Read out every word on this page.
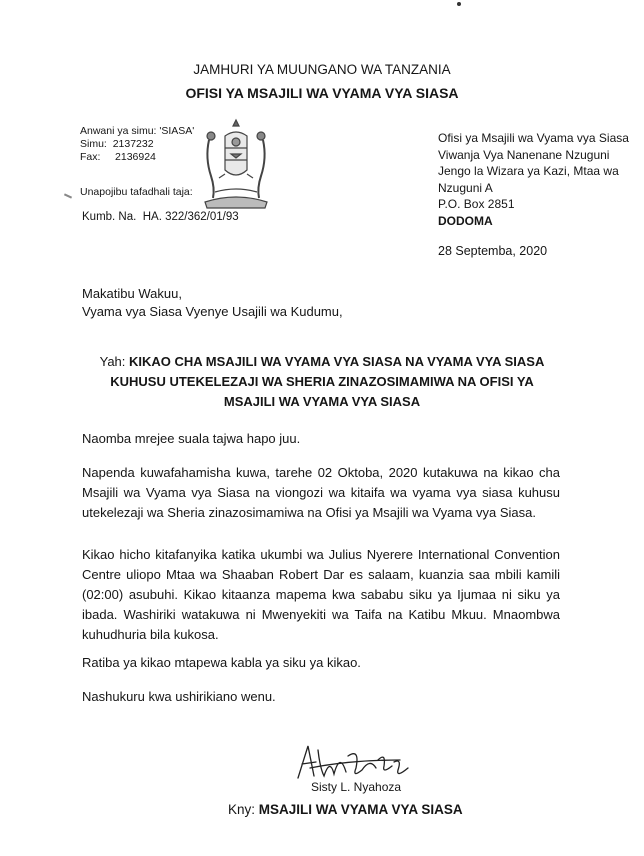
JAMHURI YA MUUNGANO WA TANZANIA
OFISI YA MSAJILI WA VYAMA VYA SIASA
Anwani ya simu: 'SIASA'
Simu: 2137232
Fax: 2136924
Unapojibu tafadhali taja:
Kumb. Na.  HA. 322/362/01/93
Ofisi ya Msajili wa Vyama vya Siasa
Viwanja Vya Nanenane Nzuguni
Jengo la Wizara ya Kazi, Mtaa wa
Nzuguni A
P.O. Box 2851
DODOMA
28 Septemba, 2020
Makatibu Wakuu,
Vyama vya Siasa Vyenye Usajili wa Kudumu,
Yah: KIKAO CHA MSAJILI WA VYAMA VYA SIASA NA VYAMA VYA SIASA
KUHUSU UTEKELEZAJI WA SHERIA ZINAZOSIMAMIWA NA OFISI YA
MSAJILI WA VYAMA VYA SIASA
Naomba mrejee suala tajwa hapo juu.
Napenda kuwafahamisha kuwa, tarehe 02 Oktoba, 2020 kutakuwa na kikao cha Msajili wa Vyama vya Siasa na viongozi wa kitaifa wa vyama vya siasa kuhusu utekelezaji wa Sheria zinazosimamiwa na Ofisi ya Msajili wa Vyama vya Siasa.
Kikao hicho kitafanyika katika ukumbi wa Julius Nyerere International Convention Centre uliopo Mtaa wa Shaaban Robert Dar es salaam, kuanzia saa mbili kamili (02:00) asubuhi. Kikao kitaanza mapema kwa sababu siku ya Ijumaa ni siku ya ibada. Washiriki watakuwa ni Mwenyekiti wa Taifa na Katibu Mkuu. Mnaombwa kuhudhuria bila kukosa.
Ratiba ya kikao mtapewa kabla ya siku ya kikao.
Nashukuru kwa ushirikiano wenu.
Sisty L. Nyahoza
Kny: MSAJILI WA VYAMA VYA SIASA
